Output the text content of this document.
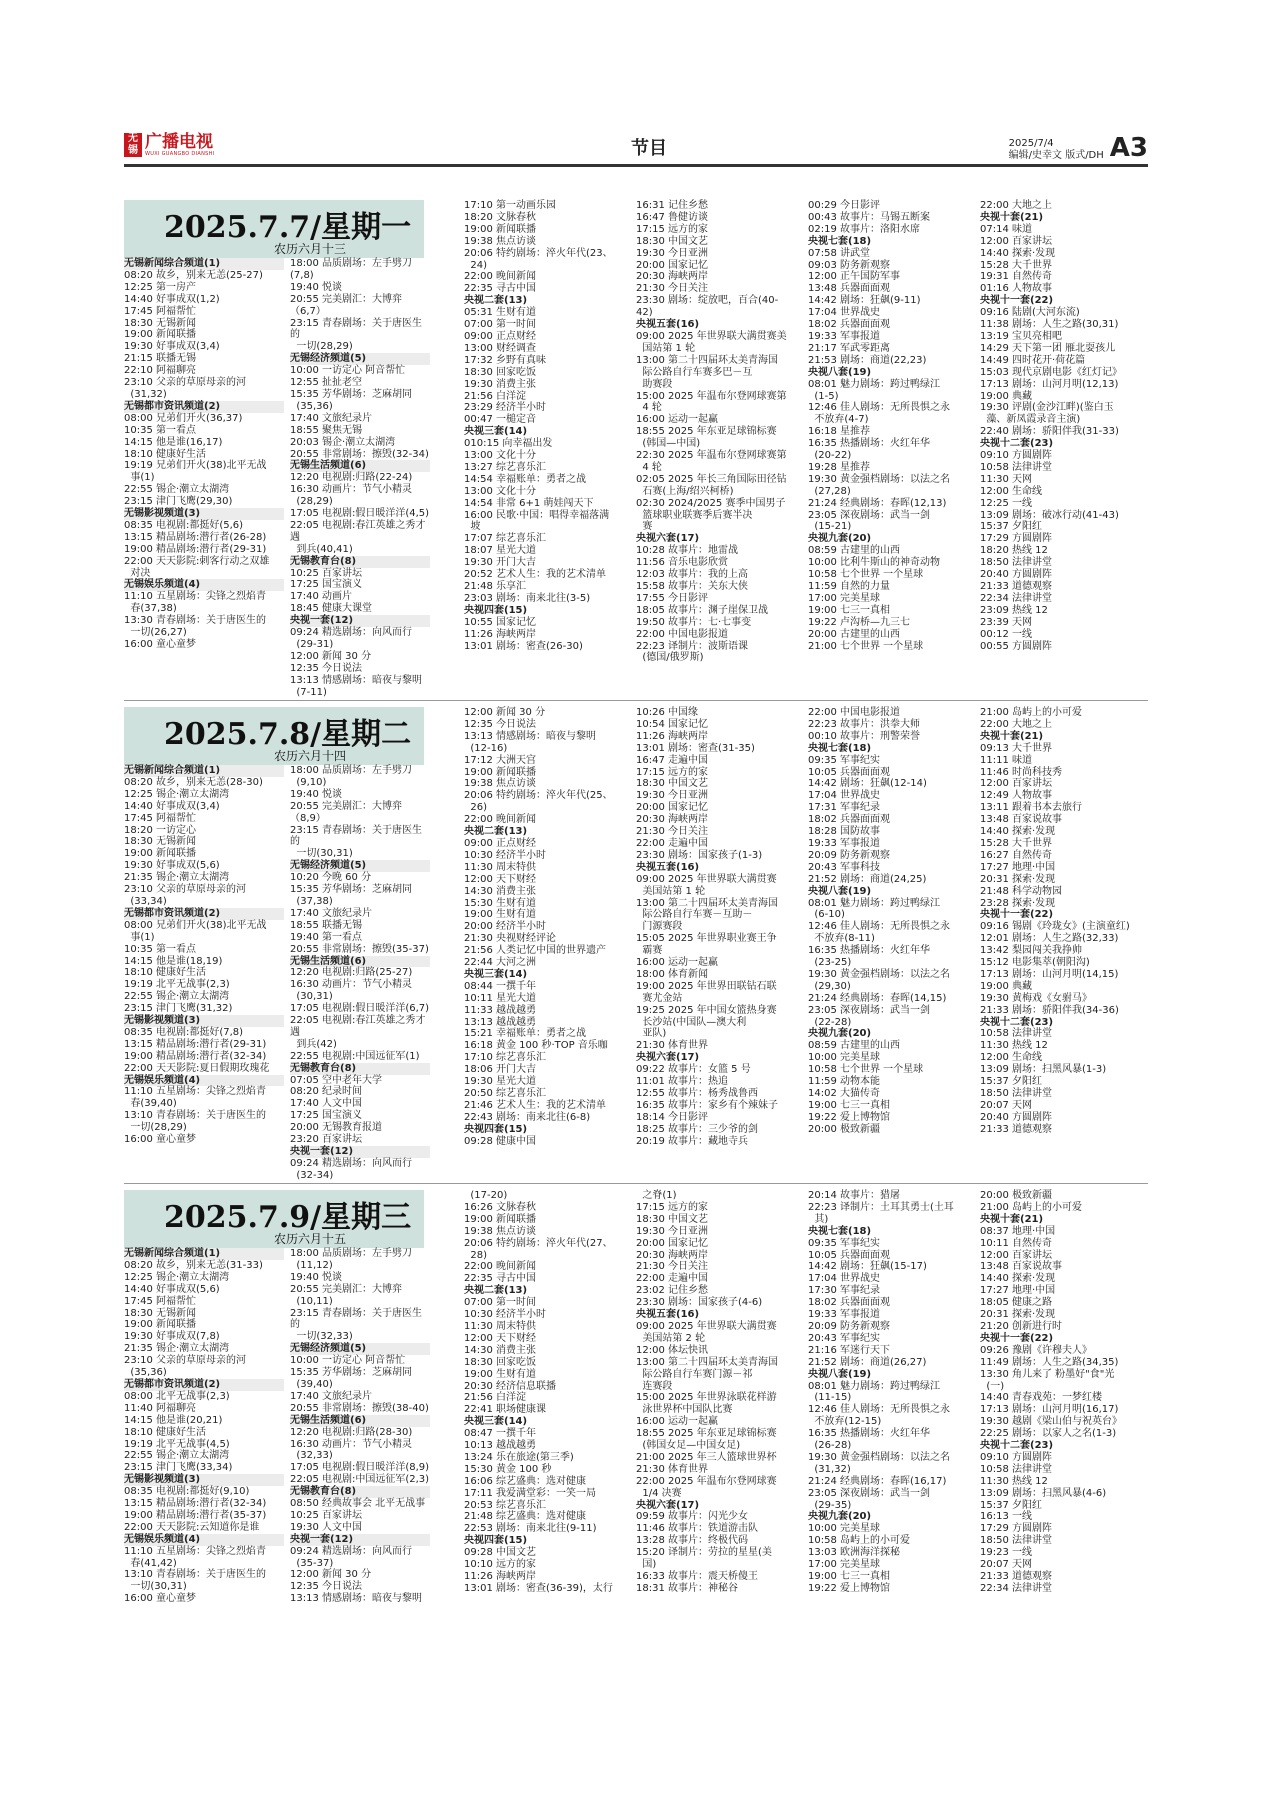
无锡 广播电视
WUXI GUANGBO DIANSHI	节目	2025/7/4
编辑/史幸文 版式/DH A3
2025.7.7/星期一
农历六月十三
无锡新闻综合频道(1)
08:20 故乡，别来无恙(25-27)
12:25 第一房产
14:40 好事成双(1,2)
17:45 阿福帮忙
18:30 无锡新闻
19:00 新闻联播
19:30 好事成双(3,4)
21:15 联播无锡
22:10 阿福聊亮
23:10 父亲的草原母亲的河
(31,32)
无锡都市资讯频道(2)
08:00 兄弟们开火(36,37)
10:35 第一看点
14:15 他是谁(16,17)
18:10 健康好生活
19:19 兄弟们开火(38)北平无战
事(1)
22:55 锡企·潮立太湖湾
23:15 津门飞鹰(29,30)
无锡影视频道(3)
08:35 电视剧:都挺好(5,6)
13:15 精品剧场:潜行者(26-28)
19:00 精品剧场:潜行者(29-31)
22:00 天天影院:刺客行动之双雄
对决
无锡娱乐频道(4)
11:10 五星剧场：尖锋之烈焰青
春(37,38)
13:30 青春剧场：关于唐医生的
一切(26,27)
16:00 童心童梦
18:00 品质剧场：左手劈刀(7,8)
19:40 悦谈
20:55 完美剧汇：大博弈（6,7）
23:15 青春剧场：关于唐医生的
一切(28,29)
无锡经济频道(5)
10:00 一访定心 阿音帮忙
12:55 扯扯老空
15:35 芳华剧场：芝麻胡同
(35,36)
17:40 文旅纪录片
18:55 聚焦无锡
20:03 锡企·潮立太湖湾
20:55 非常剧场：擦毁(32-34)
无锡生活频道(6)
12:20 电视剧:归路(22-24)
16:30 动画片：节气小精灵
(28,29)
17:05 电视剧:假日暖洋洋(4,5)
22:05 电视剧:春江英雄之秀才遇
到兵(40,41)
无锡教育台(8)
10:25 百家讲坛
17:25 国宝演义
17:40 动画片
18:45 健康大课堂
央视一套(12)
09:24 精选剧场：向风而行
(29-31)
12:00 新闻 30 分
12:35 今日说法
13:13 情感剧场：暗夜与黎明
(7-11)
17:10 第一动画乐园
18:20 文脉春秋
19:00 新闻联播
19:38 焦点访谈
20:06 特约剧场：淬火年代(23、
24)
22:00 晚间新闻
22:35 寻古中国
央视二套(13)
05:31 生财有道
07:00 第一时间
09:00 正点财经
13:00 财经调查
17:32 乡野有真味
18:30 回家吃饭
19:30 消费主张
21:56 白洋淀
23:29 经济半小时
00:47 一槌定音
央视三套(14)
010:15 向幸福出发
13:00 文化十分
13:27 综艺喜乐汇
14:54 幸福账单：勇者之战
13:00 文化十分
14:54 非常 6+1 萌娃闯天下
16:00 民歌·中国：唱得幸福落满
坡
17:07 综艺喜乐汇
18:07 星光大道
19:30 开门大吉
20:52 艺术人生：我的艺术清单
21:48 乐享汇
23:03 剧场：南来北往(3-5)
央视四套(15)
10:55 国家记忆
11:26 海峡两岸
13:01 剧场：密查(26-30)
16:31 记住乡愁
16:47 鲁健访谈
17:15 远方的家
18:30 中国文艺
19:30 今日亚洲
20:00 国家记忆
20:30 海峡两岸
21:30 今日关注
23:30 剧场：绽放吧，百合(40-42)
央视五套(16)
09:00 2025 年世界联大满贯赛美
国站第 1 轮
13:00 第二十四届环太美青海国
际公路自行车赛多巴－互
助赛段
15:00 2025 年温布尔登网球赛第
4 轮
16:00 运动一起赢
18:55 2025 年东亚足球锦标赛
(韩国—中国)
22:30 2025 年温布尔登网球赛第
4 轮
02:05 2025 年长三角国际田径钻
石赛(上海/绍兴柯桥)
02:30 2024/2025 赛季中国男子
篮球职业联赛季后赛半决
赛
央视六套(17)
10:28 故事片：地雷战
11:56 音乐电影欣赏
12:03 故事片：我的上高
15:58 故事片：关东大侠
17:55 今日影评
18:05 故事片：渊子崖保卫战
19:50 故事片：七·七事变
22:00 中国电影报道
22:23 译制片：波斯语课
(德国/俄罗斯)
00:29 今日影评
00:43 故事片：马锡五断案
02:19 故事片：洛阳水席
央视七套(18)
07:58 讲武堂
09:03 防务新观察
12:00 正午国防军事
13:48 兵器面面观
14:42 剧场：狂飙(9-11)
17:04 世界战史
18:02 兵器面面观
19:33 军事报道
21:17 军武零距离
21:53 剧场：商道(22,23)
央视八套(19)
08:01 魅力剧场：跨过鸭绿江
(1-5)
12:46 佳人剧场：无所畏惧之永
不放弃(4-7)
16:18 星推荐
16:35 热播剧场：火红年华
(20-22)
19:28 星推荐
19:30 黄金强档剧场：以法之名
(27,28)
21:24 经典剧场：春晖(12,13)
23:05 深夜剧场：武当一剑
(15-21)
央视九套(20)
08:59 古建里的山西
10:00 比利牛斯山的神奇动物
10:58 七个世界 一个星球
11:59 自然的力量
17:00 完美星球
19:00 七三一真相
19:22 卢沟桥—九三七
20:00 古建里的山西
21:00 七个世界 一个星球
22:00 大地之上
央视十套(21)
07:14 味道
12:00 百家讲坛
14:40 探索·发现
15:28 大千世界
19:31 自然传奇
01:16 人物故事
央视十一套(22)
09:16 陆剧(大河东流)
11:38 剧场：人生之路(30,31)
13:19 宝贝亮相吧
14:29 天下第一团 雁北耍孩儿
14:49 四时花开·荷花篇
15:03 现代京剧电影《红灯记》
17:13 剧场：山河月明(12,13)
19:00 典藏
19:30 评剧(金沙江畔)(鉴白玉
藻、新凤霞录音主演)
22:40 剧场：骄阳伴我(31-33)
央视十二套(23)
09:10 方圆剧阵
10:58 法律讲堂
11:30 天网
12:00 生命线
12:25 一线
13:09 剧场：破冰行动(41-43)
15:37 夕阳红
17:29 方圆剧阵
18:20 热线 12
18:50 法律讲堂
20:40 方圆剧阵
21:33 道德观察
22:34 法律讲堂
23:09 热线 12
23:39 天网
00:12 一线
00:55 方圆剧阵
2025.7.8/星期二
农历六月十四
无锡新闻综合频道(1)
08:20 故乡，别来无恙(28-30)
12:25 锡企·潮立太湖湾
14:40 好事成双(3,4)
17:45 阿福帮忙
18:20 一访定心
18:30 无锡新闻
19:00 新闻联播
19:30 好事成双(5,6)
21:35 锡企·潮立太湖湾
23:10 父亲的草原母亲的河
(33,34)
无锡都市资讯频道(2)
08:00 兄弟们开火(38)北平无战
事(1)
10:35 第一看点
14:15 他是谁(18,19)
18:10 健康好生活
19:19 北平无战事(2,3)
22:55 锡企·潮立太湖湾
23:15 津门飞鹰(31,32)
无锡影视频道(3)
08:35 电视剧:都挺好(7,8)
13:15 精品剧场:潜行者(29-31)
19:00 精品剧场:潜行者(32-34)
22:00 天天影院:夏日假期玫瑰花
无锡娱乐频道(4)
11:10 五星剧场：尖锋之烈焰青
春(39,40)
13:10 青春剧场：关于唐医生的
一切(28,29)
16:00 童心童梦
18:00 品质剧场：左手劈刀
(9,10)
19:40 悦谈
20:55 完美剧汇：大博弈（8,9）
23:15 青春剧场：关于唐医生的
一切(30,31)
无锡经济频道(5)
10:20 今晚 60 分
15:35 芳华剧场：芝麻胡同
(37,38)
17:40 文旅纪录片
18:55 联播无锡
19:40 第一看点
20:55 非常剧场：擦毁(35-37)
无锡生活频道(6)
12:20 电视剧:归路(25-27)
16:30 动画片：节气小精灵
(30,31)
17:05 电视剧:假日暖洋洋(6,7)
22:05 电视剧:春江英雄之秀才遇
到兵(42)
22:55 电视剧:中国远征军(1)
无锡教育台(8)
07:05 空中老年大学
08:20 纪录时间
17:40 人文中国
17:25 国宝演义
20:00 无锡教育报道
23:20 百家讲坛
央视一套(12)
09:24 精选剧场：向风而行
(32-34)
12:00 新闻 30 分
12:35 今日说法
13:13 情感剧场：暗夜与黎明
(12-16)
17:12 大洲天宫
19:00 新闻联播
19:38 焦点访谈
20:06 特约剧场：淬火年代(25、
26)
22:00 晚间新闻
央视二套(13)
09:00 正点财经
10:30 经济半小时
11:30 周末特供
12:00 天下财经
14:30 消费主张
15:30 生财有道
19:00 生财有道
20:00 经济半小时
21:30 央视财经评论
21:56 人类记忆中国的世界遗产
22:44 大河之洲
央视三套(14)
08:44 一撰千年
10:11 星光大道
11:33 越战越勇
13:13 越战越勇
15:21 幸福账单：勇者之战
16:18 黄金 100 秒·TOP 音乐咖
17:10 综艺喜乐汇
18:06 开门大吉
19:30 星光大道
20:50 综艺喜乐汇
21:46 艺术人生：我的艺术清单
22:43 剧场：南来北往(6-8)
央视四套(15)
09:28 健康中国
10:26 中国缘
10:54 国家记忆
11:26 海峡两岸
13:01 剧场：密查(31-35)
16:47 走遍中国
17:15 远方的家
18:30 中国文艺
19:30 今日亚洲
20:00 国家记忆
20:30 海峡两岸
21:30 今日关注
22:00 走遍中国
23:30 剧场：国家孩子(1-3)
央视五套(16)
09:00 2025 年世界联大满贯赛
美国站第 1 轮
13:00 第二十四届环太美青海国
际公路自行车赛－互助－
门源赛段
15:05 2025 年世界职业赛王争
霸赛
16:00 运动一起赢
18:00 体育新闻
19:00 2025 年世界田联钻石联
赛尤金站
19:25 2025 年中国女篮热身赛
长沙站(中国队—澳大利
亚队)
21:30 体育世界
央视六套(17)
09:22 故事片：女篮 5 号
11:01 故事片：热追
12:55 故事片：杨秀战鲁西
16:35 故事片：家乡有个辣妹子
18:14 今日影评
18:25 故事片：三少爷的剑
20:19 故事片：藏地寺兵
22:00 中国电影报道
22:23 故事片：洪拳大师
00:10 故事片：刑警荣誉
央视七套(18)
09:35 军事纪实
10:05 兵器面面观
14:42 剧场：狂飙(12-14)
17:04 世界战史
17:31 军事纪录
18:02 兵器面面观
18:28 国防故事
19:33 军事报道
20:09 防务新观察
20:43 军事科技
21:52 剧场：商道(24,25)
央视八套(19)
08:01 魅力剧场：跨过鸭绿江
(6-10)
12:46 佳人剧场：无所畏惧之永
不放弃(8-11)
16:35 热播剧场：火红年华
(23-25)
19:30 黄金强档剧场：以法之名
(29,30)
21:24 经典剧场：春晖(14,15)
23:05 深夜剧场：武当一剑
(22-28)
央视九套(20)
08:59 古建里的山西
10:00 完美星球
10:58 七个世界 一个星球
11:59 动物本能
14:02 大猫传奇
19:00 七三一真相
19:22 爱上博物馆
20:00 极致新疆
21:00 岛屿上的小可爱
22:00 大地之上
央视十套(21)
09:13 大千世界
11:11 味道
11:46 时尚科技秀
12:00 百家讲坛
12:49 人物故事
13:11 跟着书本去旅行
13:48 百家说故事
14:40 探索·发现
15:28 大千世界
16:27 自然传奇
17:27 地理·中国
20:31 探索·发现
21:48 科学动物园
23:28 探索·发现
央视十一套(22)
09:16 锡剧《玲珑女》(主演童红)
12:01 剧场：人生之路(32,33)
13:42 梨园闯关我挣帅
15:12 电影集萃(朝阳沟)
17:13 剧场：山河月明(14,15)
19:00 典藏
19:30 黄梅戏《女驸马》
21:33 剧场：骄阳伴我(34-36)
央视十二套(23)
10:58 法律讲堂
11:30 热线 12
12:00 生命线
13:09 剧场：扫黑风暴(1-3)
15:37 夕阳红
18:50 法律讲堂
20:07 天网
20:40 方圆剧阵
21:33 道德观察
2025.7.9/星期三
农历六月十五
无锡新闻综合频道(1)
08:20 故乡，别来无恙(31-33)
12:25 锡企·潮立太湖湾
14:40 好事成双(5,6)
17:45 阿福帮忙
18:30 无锡新闻
19:00 新闻联播
19:30 好事成双(7,8)
21:35 锡企·潮立太湖湾
23:10 父亲的草原母亲的河
(35,36)
无锡都市资讯频道(2)
08:00 北平无战事(2,3)
11:40 阿福聊亮
14:15 他是谁(20,21)
18:10 健康好生活
19:19 北平无战事(4,5)
22:55 锡企·潮立太湖湾
23:15 津门飞鹰(33,34)
无锡影视频道(3)
08:35 电视剧:都挺好(9,10)
13:15 精品剧场:潜行者(32-34)
19:00 精品剧场:潜行者(35-37)
22:00 天天影院:云知道你是谁
无锡娱乐频道(4)
11:10 五星剧场：尖锋之烈焰青
春(41,42)
13:10 青春剧场：关于唐医生的
一切(30,31)
16:00 童心童梦
18:00 品质剧场：左手劈刀
(11,12)
19:40 悦谈
20:55 完美剧汇：大博弈
(10,11)
23:15 青春剧场：关于唐医生的
一切(32,33)
无锡经济频道(5)
10:00 一访定心 阿音帮忙
15:35 芳华剧场：芝麻胡同
(39,40)
17:40 文旅纪录片
20:55 非常剧场：擦毁(38-40)
无锡生活频道(6)
12:20 电视剧:归路(28-30)
16:30 动画片：节气小精灵
(32,33)
17:05 电视剧:假日暖洋洋(8,9)
22:05 电视剧:中国远征军(2,3)
无锡教育台(8)
08:50 经典故事会 北平无战事
10:25 百家讲坛
19:30 人文中国
央视一套(12)
09:24 精选剧场：向风而行
(35-37)
12:00 新闻 30 分
12:35 今日说法
13:13 情感剧场：暗夜与黎明
(17-20)
16:26 文脉春秋
19:00 新闻联播
19:38 焦点访谈
20:06 特约剧场：淬火年代(27、
28)
22:00 晚间新闻
22:35 寻古中国
央视二套(13)
07:00 第一时间
10:30 经济半小时
11:30 周末特供
12:00 天下财经
14:30 消费主张
18:30 回家吃饭
19:00 生财有道
20:30 经济信息联播
21:56 白洋淀
22:41 职场健康课
央视三套(14)
08:47 一撰千年
10:13 越战越勇
13:24 乐在旅途(第三季)
15:30 黄金 100 秒
16:06 综艺盛典：选对健康
17:11 我爱满堂彩：一笑一局
20:53 综艺喜乐汇
21:48 综艺盛典：选对健康
22:53 剧场：南来北往(9-11)
央视四套(15)
09:28 中国文艺
10:10 远方的家
11:26 海峡两岸
13:01 剧场：密查(36-39)，太行
之脊(1)
17:15 远方的家
18:30 中国文艺
19:30 今日亚洲
20:00 国家记忆
20:30 海峡两岸
21:30 今日关注
22:00 走遍中国
23:02 记住乡愁
23:30 剧场：国家孩子(4-6)
央视五套(16)
09:00 2025 年世界联大满贯赛
美国站第 2 轮
12:00 体坛快讯
13:00 第二十四届环太美青海国
际公路自行车赛门源－祁
连赛段
15:00 2025 年世界泳联花样游
泳世界杯中国队比赛
16:00 运动一起赢
18:55 2025 年东亚足球锦标赛
(韩国女足—中国女足)
21:00 2025 年三人篮球世界杯
21:30 体育世界
22:00 2025 年温布尔登网球赛
1/4 决赛
央视六套(17)
09:59 故事片：闪光少女
11:46 故事片：铁道游击队
13:28 故事片：终极代码
15:20 译制片：劳拉的星星(美
国)
16:33 故事片：震天桥傻王
18:31 故事片：神秘谷
20:14 故事片：猎屠
22:23 译制片：土耳其勇士(土耳
其)
央视七套(18)
09:35 军事纪实
10:05 兵器面面观
14:42 剧场：狂飙(15-17)
17:04 世界战史
17:30 军事纪录
18:02 兵器面面观
19:33 军事报道
20:09 防务新观察
20:43 军事纪实
21:16 军迷行天下
21:52 剧场：商道(26,27)
央视八套(19)
08:01 魅力剧场：跨过鸭绿江
(11-15)
12:46 佳人剧场：无所畏惧之永
不放弃(12-15)
16:35 热播剧场：火红年华
(26-28)
19:30 黄金强档剧场：以法之名
(31,32)
21:24 经典剧场：春晖(16,17)
23:05 深夜剧场：武当一剑
(29-35)
央视九套(20)
10:00 完美星球
10:58 岛屿上的小可爱
13:03 欧洲海洋探秘
17:00 完美星球
19:00 七三一真相
19:22 爱上博物馆
20:00 极致新疆
21:00 岛屿上的小可爱
央视十套(21)
08:37 地理·中国
10:11 自然传奇
12:00 百家讲坛
13:48 百家说故事
14:40 探索·发现
17:27 地理·中国
18:05 健康之路
20:31 探索·发现
21:20 创新进行时
央视十一套(22)
09:26 豫剧《许穆夫人》
11:49 剧场：人生之路(34,35)
13:30 角儿来了 粉墨好"食"光
(一)
14:40 青春戏苑：一梦红楼
17:13 剧场：山河月明(16,17)
19:30 越剧《梁山伯与祝英台》
22:25 剧场：以家人之名(1-3)
央视十二套(23)
09:10 方圆剧阵
10:58 法律讲堂
11:30 热线 12
13:09 剧场：扫黑风暴(4-6)
15:37 夕阳红
16:13 一线
17:29 方圆剧阵
18:50 法律讲堂
19:23 一线
20:07 天网
21:33 道德观察
22:34 法律讲堂
